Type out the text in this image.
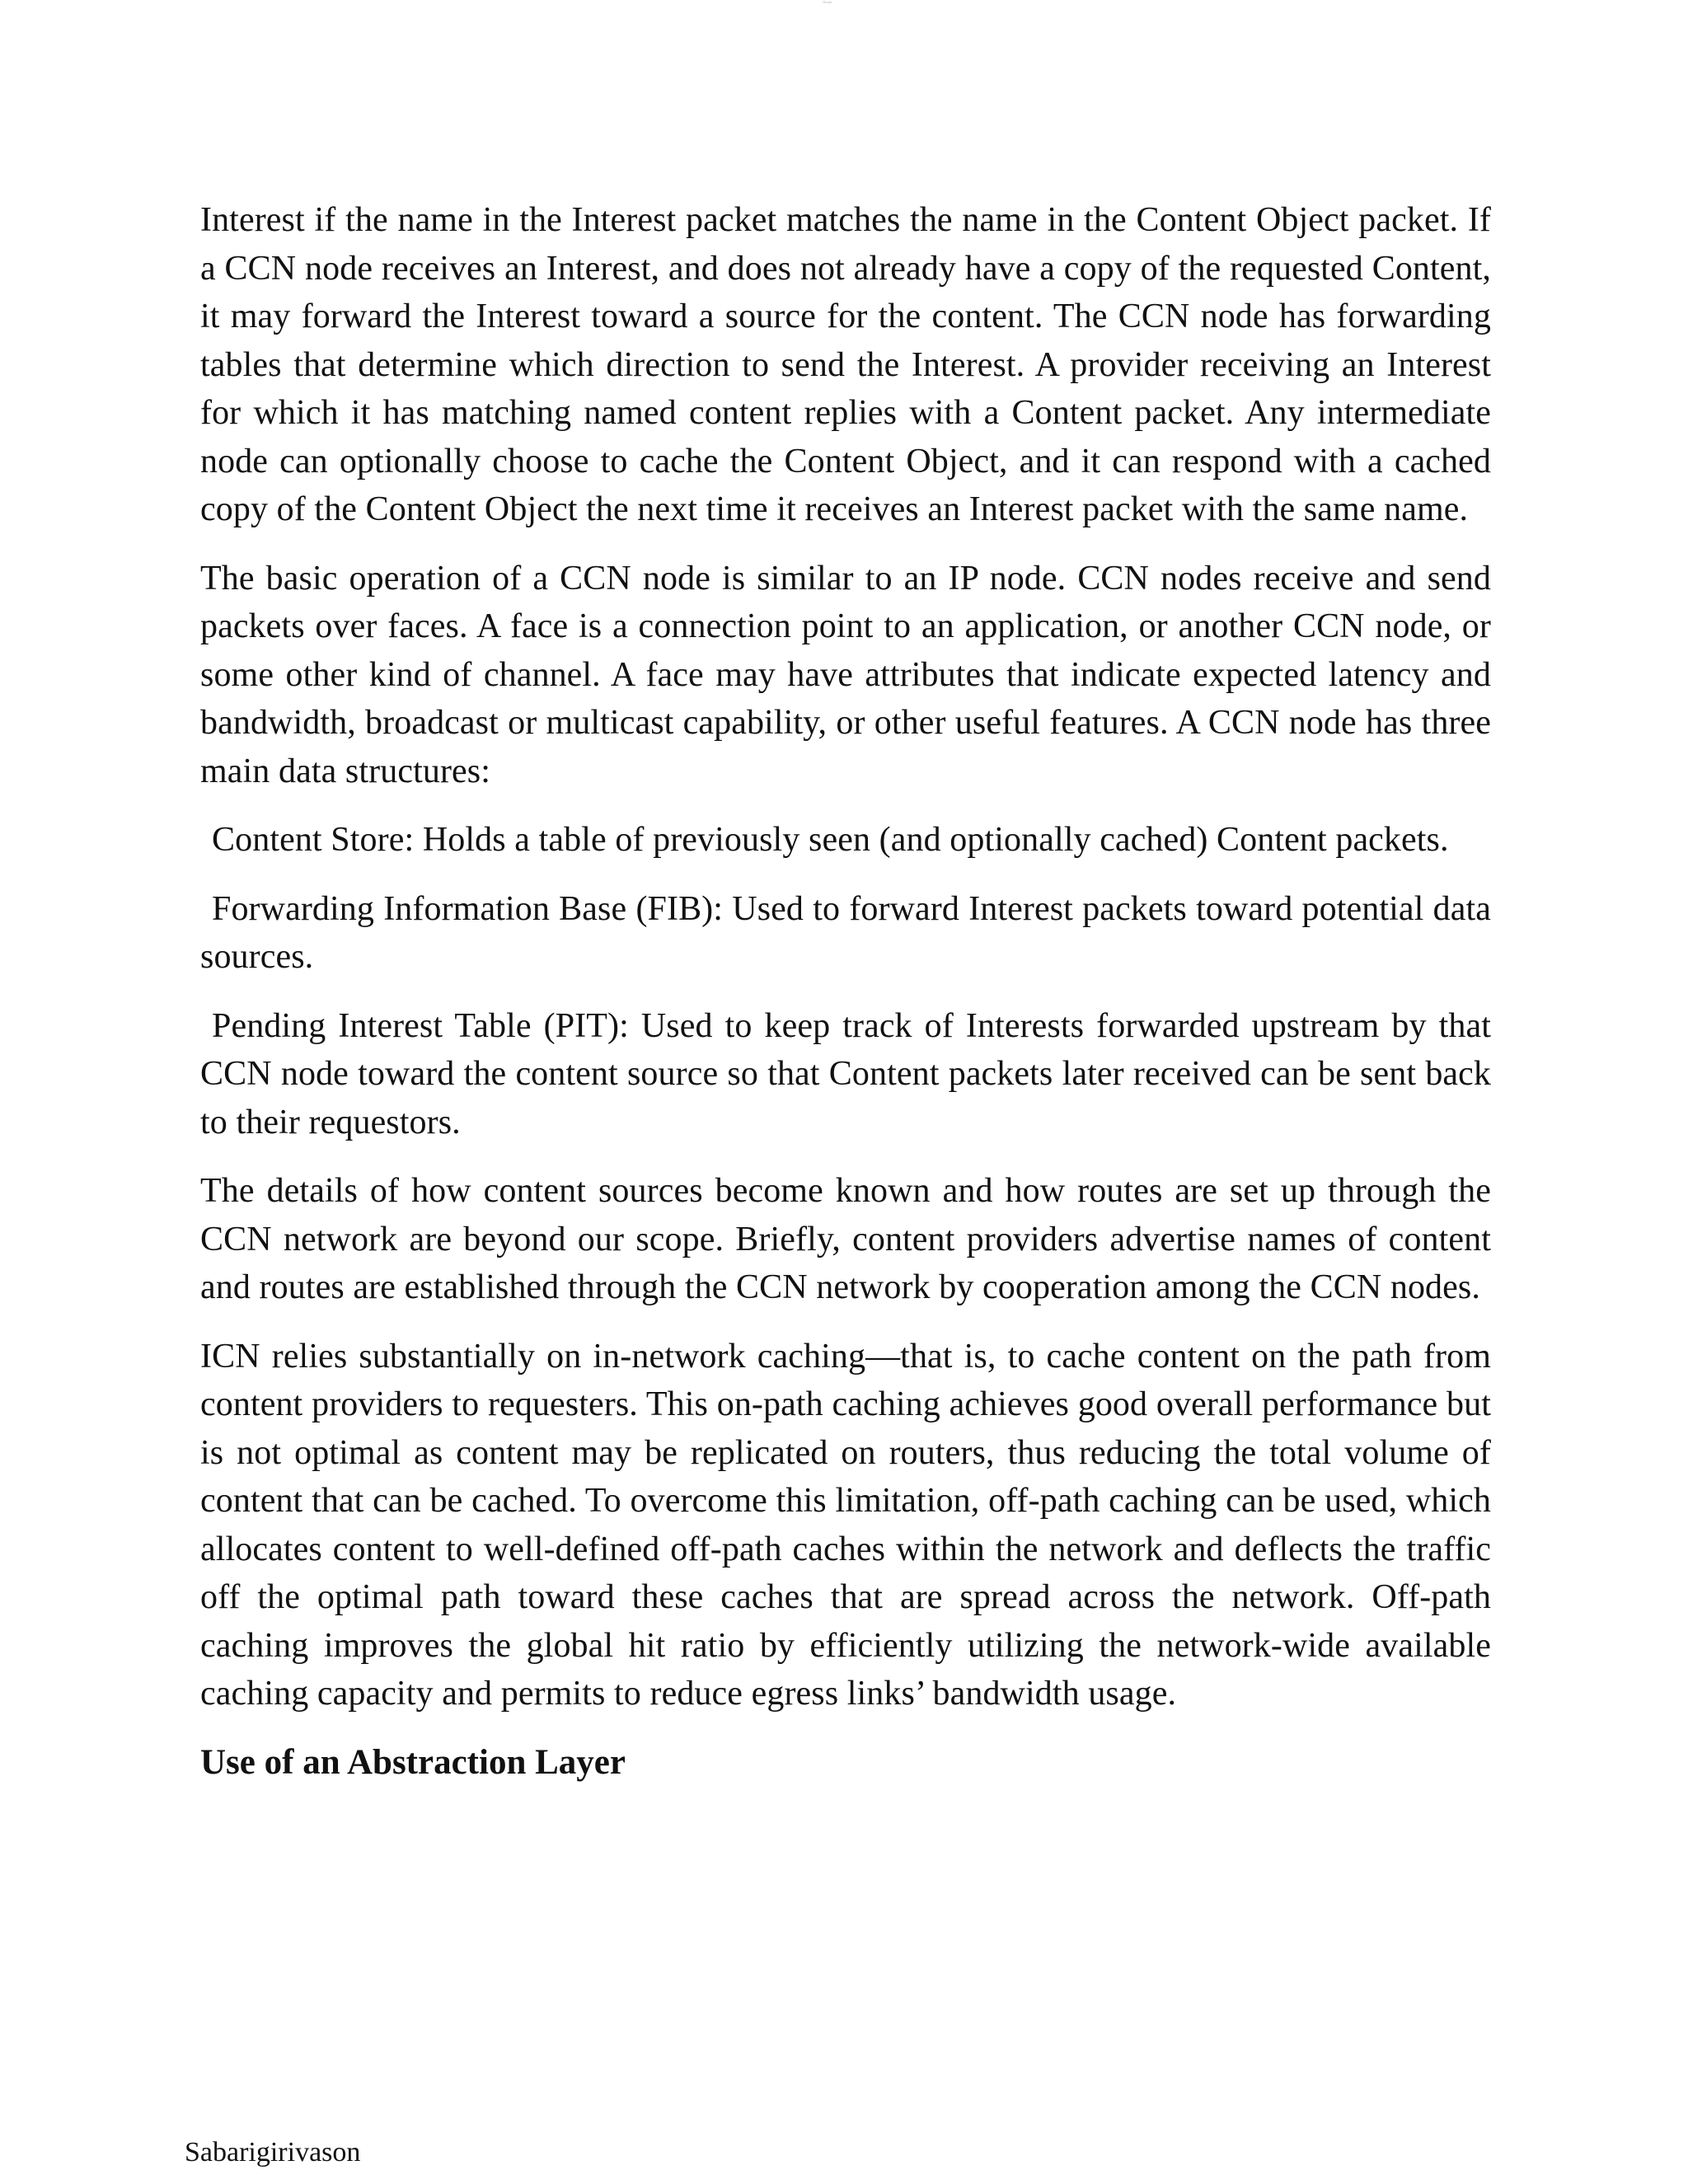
Header

Interest if the name in the Interest packet matches the name in the Content Object packet. If a CCN node receives an Interest, and does not already have a copy of the requested Content, it may forward the Interest toward a source for the content. The CCN node has forwarding tables that determine which direction to send the Interest. A provider receiving an Interest for which it has matching named content replies with a Content packet. Any intermediate node can optionally choose to cache the Content Object, and it can respond with a cached copy of the Content Object the next time it receives an Interest packet with the same name.

The basic operation of a CCN node is similar to an IP node. CCN nodes receive and send packets over faces. A face is a connection point to an application, or another CCN node, or some other kind of channel. A face may have attributes that indicate expected latency and bandwidth, broadcast or multicast capability, or other useful features. A CCN node has three main data structures:

Content Store: Holds a table of previously seen (and optionally cached) Content packets.

Forwarding Information Base (FIB): Used to forward Interest packets toward potential data sources.

Pending Interest Table (PIT): Used to keep track of Interests forwarded upstream by that CCN node toward the content source so that Content packets later received can be sent back to their requestors.

The details of how content sources become known and how routes are set up through the CCN network are beyond our scope. Briefly, content providers advertise names of content and routes are established through the CCN network by cooperation among the CCN nodes.

ICN relies substantially on in-network caching—that is, to cache content on the path from content providers to requesters. This on-path caching achieves good overall performance but is not optimal as content may be replicated on routers, thus reducing the total volume of content that can be cached. To overcome this limitation, off-path caching can be used, which allocates content to well-defined off-path caches within the network and deflects the traffic off the optimal path toward these caches that are spread across the network. Off-path caching improves the global hit ratio by efficiently utilizing the network-wide available caching capacity and permits to reduce egress links’ bandwidth usage.

Use of an Abstraction Layer
Sabarigirivason
